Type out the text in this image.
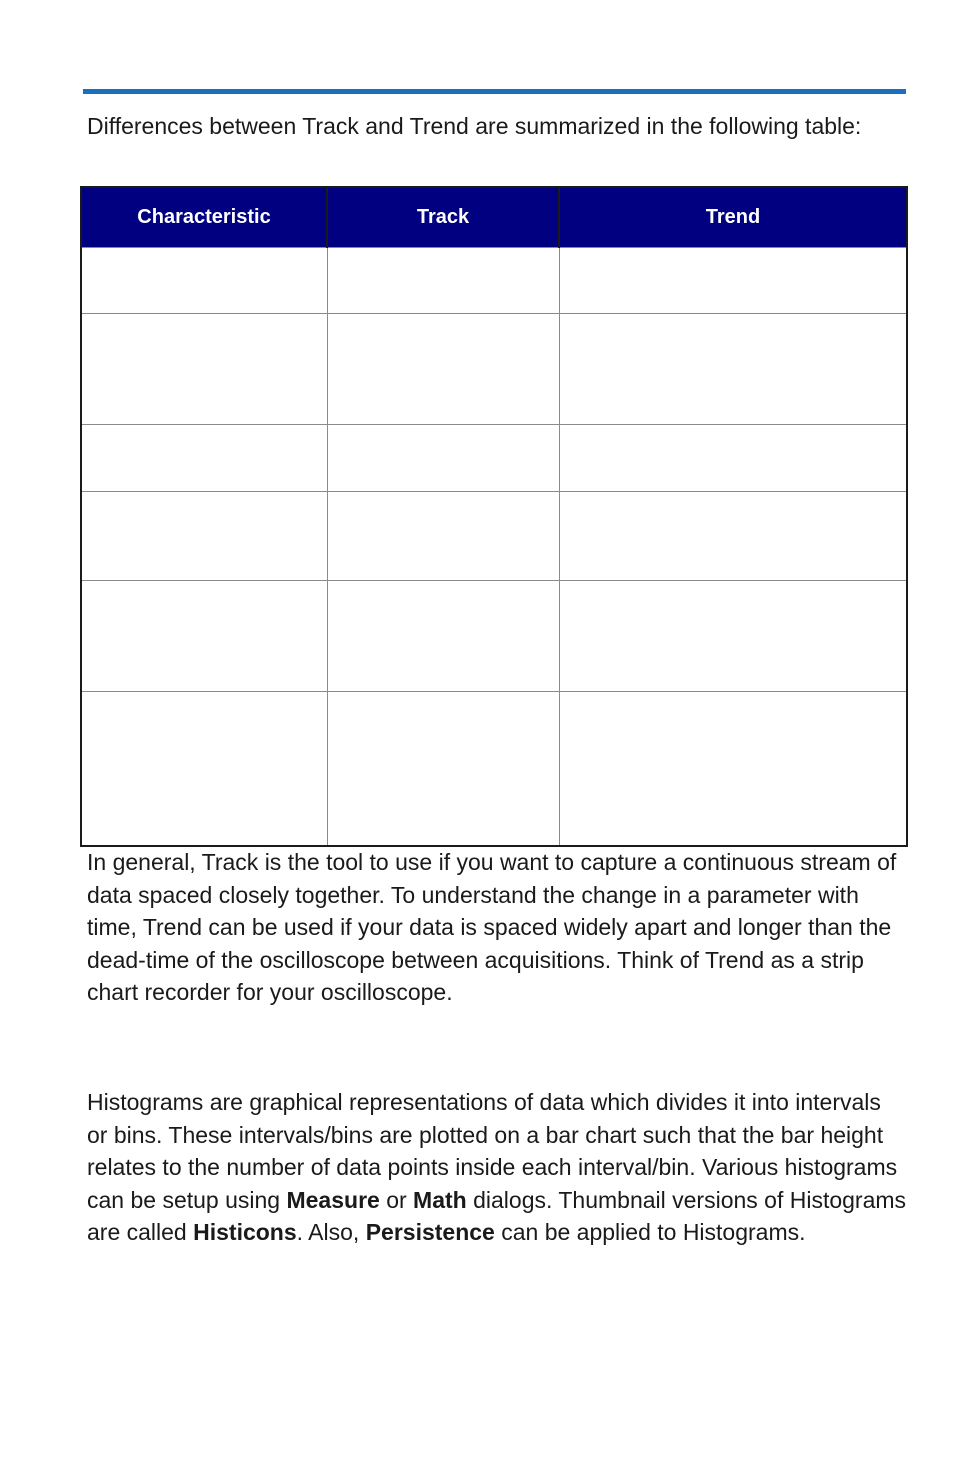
Differences between Track and Trend are summarized in the following table:

Characteristic	Track	Trend

In general, Track is the tool to use if you want to capture a continuous stream of data spaced closely together. To understand the change in a parameter with time, Trend can be used if your data is spaced widely apart and longer than the dead-time of the oscilloscope between acquisitions. Think of Trend as a strip chart recorder for your oscilloscope.

Histograms are graphical representations of data which divides it into intervals or bins. These intervals/bins are plotted on a bar chart such that the bar height relates to the number of data points inside each interval/bin. Various histograms can be setup using Measure or Math dialogs. Thumbnail versions of Histograms are called Histicons. Also, Persistence can be applied to Histograms.
